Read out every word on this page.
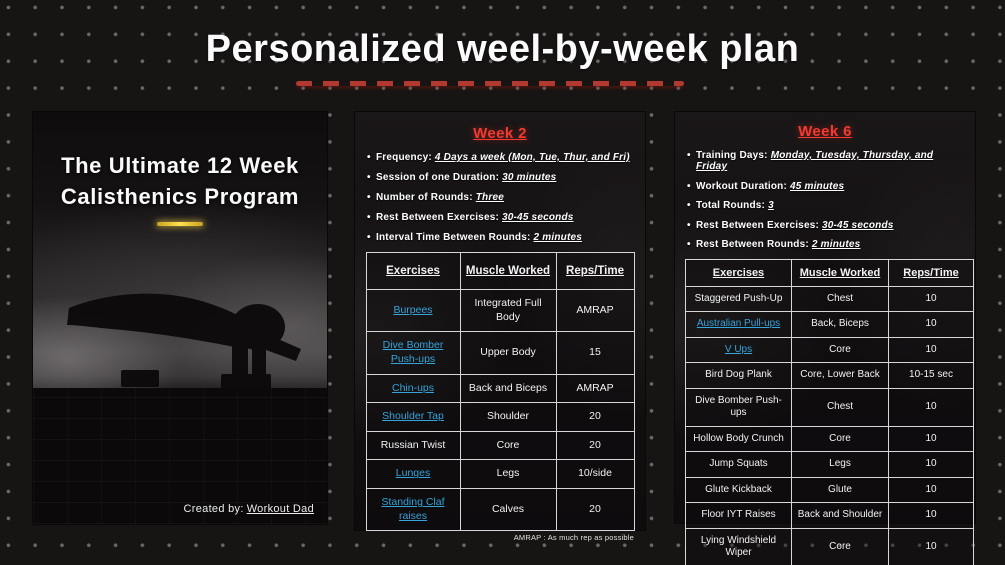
Personalized weel-by-week plan
The Ultimate 12 Week
Calisthenics Program
Created by: Workout Dad
Week 2
• Frequency: 4 Days a week (Mon, Tue, Thur, and Fri)
• Session of one Duration: 30 minutes
• Number of Rounds: Three
• Rest Between Exercises: 30-45 seconds
• Interval Time Between Rounds: 2 minutes
Exercises	Muscle Worked	Reps/Time
Burpees	Integrated Full Body	AMRAP
Dive Bomber Push-ups	Upper Body	15
Chin-ups	Back and Biceps	AMRAP
Shoulder Tap	Shoulder	20
Russian Twist	Core	20
Lunges	Legs	10/side
Standing Claf raises	Calves	20
AMRAP : As much rep as possible
Week 6
• Training Days: Monday, Tuesday, Thursday, and Friday
• Workout Duration: 45 minutes
• Total Rounds: 3
• Rest Between Exercises: 30-45 seconds
• Rest Between Rounds: 2 minutes
Exercises	Muscle Worked	Reps/Time
Staggered Push-Up	Chest	10
Australian Pull-ups	Back, Biceps	10
V Ups	Core	10
Bird Dog Plank	Core, Lower Back	10-15 sec
Dive Bomber Push-ups	Chest	10
Hollow Body Crunch	Core	10
Jump Squats	Legs	10
Glute Kickback	Glute	10
Floor IYT Raises	Back and Shoulder	10
Lying Windshield Wiper	Core	10
